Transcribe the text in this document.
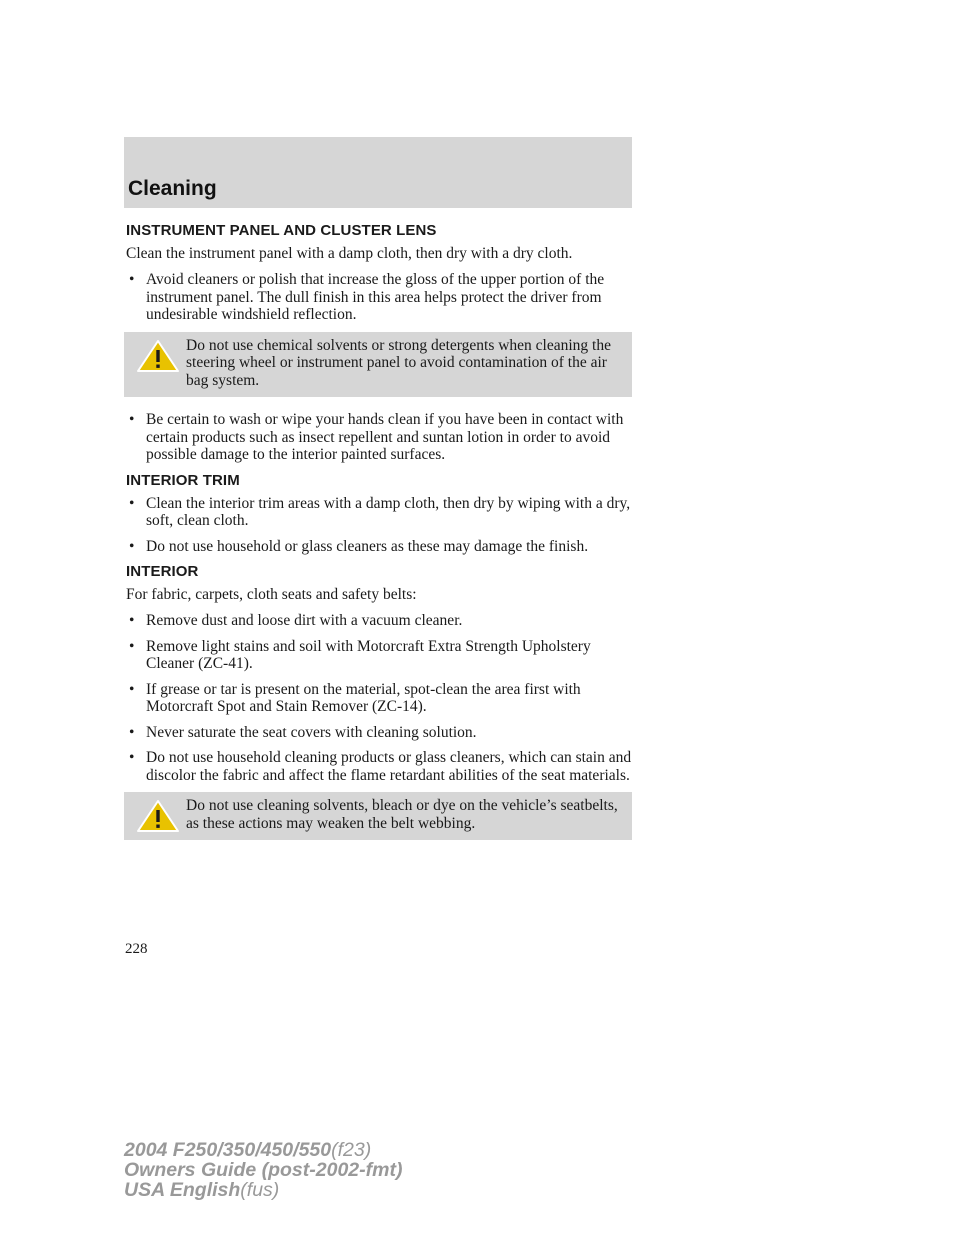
Cleaning
INSTRUMENT PANEL AND CLUSTER LENS

Clean the instrument panel with a damp cloth, then dry with a dry cloth.

• Avoid cleaners or polish that increase the gloss of the upper portion of the instrument panel. The dull finish in this area helps protect the driver from undesirable windshield reflection.
Do not use chemical solvents or strong detergents when cleaning the steering wheel or instrument panel to avoid contamination of the air bag system.
• Be certain to wash or wipe your hands clean if you have been in contact with certain products such as insect repellent and suntan lotion in order to avoid possible damage to the interior painted surfaces.
INTERIOR TRIM
• Clean the interior trim areas with a damp cloth, then dry by wiping with a dry, soft, clean cloth.
• Do not use household or glass cleaners as these may damage the finish.
INTERIOR

For fabric, carpets, cloth seats and safety belts:

• Remove dust and loose dirt with a vacuum cleaner.
• Remove light stains and soil with Motorcraft Extra Strength Upholstery Cleaner (ZC-41).
• If grease or tar is present on the material, spot-clean the area first with Motorcraft Spot and Stain Remover (ZC-14).
• Never saturate the seat covers with cleaning solution.
• Do not use household cleaning products or glass cleaners, which can stain and discolor the fabric and affect the flame retardant abilities of the seat materials.
Do not use cleaning solvents, bleach or dye on the vehicle’s seatbelts, as these actions may weaken the belt webbing.
228
2004 F250/350/450/550(f23)
Owners Guide (post-2002-fmt)
USA English(fus)
